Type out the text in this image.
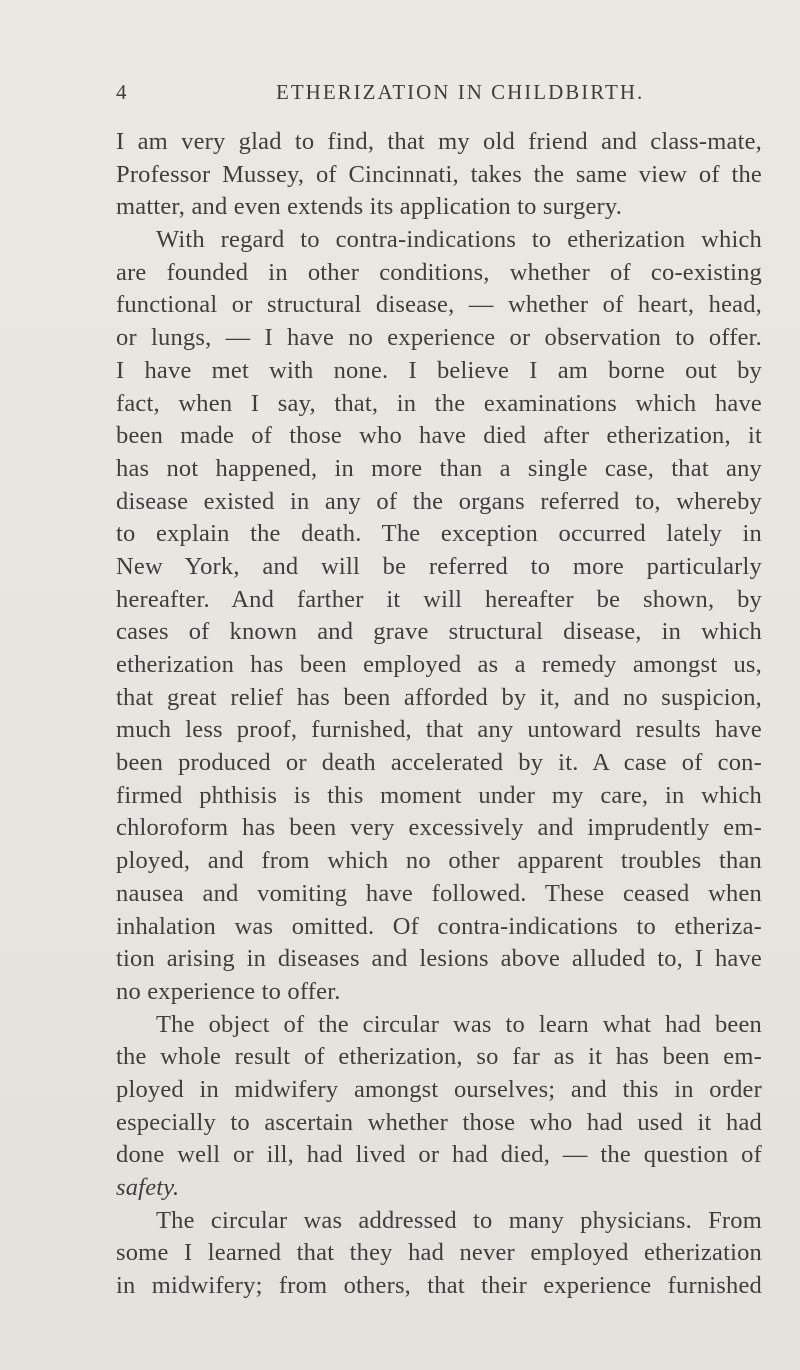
4	ETHERIZATION IN CHILDBIRTH.
I am very glad to find, that my old friend and class-mate,
Professor Mussey, of Cincinnati, takes the same view of the
matter, and even extends its application to surgery.
With regard to contra-indications to etherization which
are founded in other conditions, whether of co-existing
functional or structural disease, — whether of heart, head,
or lungs, — I have no experience or observation to offer.
I have met with none. I believe I am borne out by
fact, when I say, that, in the examinations which have
been made of those who have died after etherization, it
has not happened, in more than a single case, that any
disease existed in any of the organs referred to, whereby
to explain the death. The exception occurred lately in
New York, and will be referred to more particularly
hereafter. And farther it will hereafter be shown, by
cases of known and grave structural disease, in which
etherization has been employed as a remedy amongst us,
that great relief has been afforded by it, and no suspicion,
much less proof, furnished, that any untoward results have
been produced or death accelerated by it. A case of con-
firmed phthisis is this moment under my care, in which
chloroform has been very excessively and imprudently em-
ployed, and from which no other apparent troubles than
nausea and vomiting have followed. These ceased when
inhalation was omitted. Of contra-indications to etheriza-
tion arising in diseases and lesions above alluded to, I have
no experience to offer.
The object of the circular was to learn what had been
the whole result of etherization, so far as it has been em-
ployed in midwifery amongst ourselves; and this in order
especially to ascertain whether those who had used it had
done well or ill, had lived or had died, — the question of
safety.
The circular was addressed to many physicians. From
some I learned that they had never employed etherization
in midwifery; from others, that their experience furnished
